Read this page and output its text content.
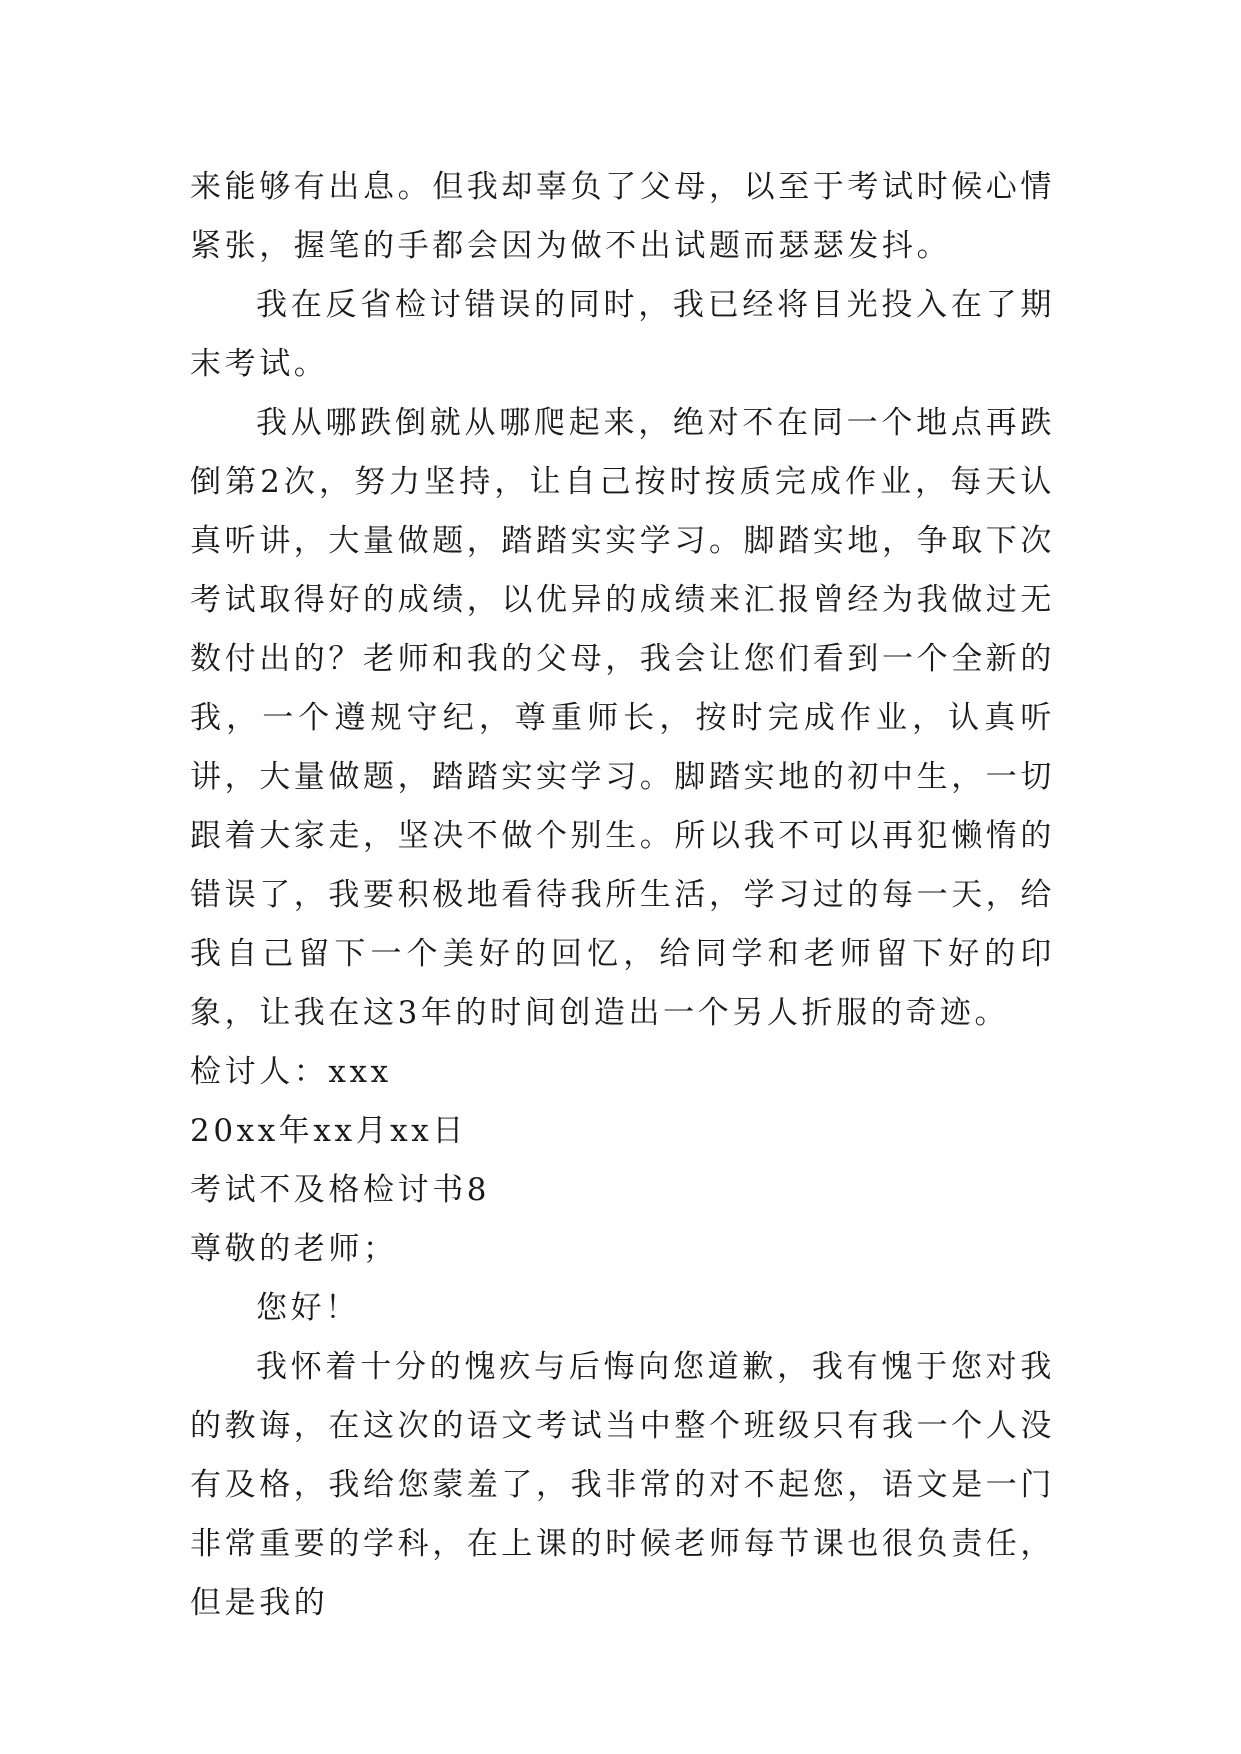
来能够有出息。但我却辜负了父母，以至于考试时候心情紧张，握笔的手都会因为做不出试题而瑟瑟发抖。

我在反省检讨错误的同时，我已经将目光投入在了期末考试。

我从哪跌倒就从哪爬起来，绝对不在同一个地点再跌倒第2次，努力坚持，让自己按时按质完成作业，每天认真听讲，大量做题，踏踏实实学习。脚踏实地，争取下次考试取得好的成绩，以优异的成绩来汇报曾经为我做过无数付出的？老师和我的父母，我会让您们看到一个全新的我，一个遵规守纪，尊重师长，按时完成作业，认真听讲，大量做题，踏踏实实学习。脚踏实地的初中生，一切跟着大家走，坚决不做个别生。所以我不可以再犯懒惰的错误了，我要积极地看待我所生活，学习过的每一天，给我自己留下一个美好的回忆，给同学和老师留下好的印象，让我在这3年的时间创造出一个另人折服的奇迹。

检讨人：xxx

20xx年xx月xx日

考试不及格检讨书8

尊敬的老师；

您好！

我怀着十分的愧疚与后悔向您道歉，我有愧于您对我的教诲，在这次的语文考试当中整个班级只有我一个人没有及格，我给您蒙羞了，我非常的对不起您，语文是一门非常重要的学科，在上课的时候老师每节课也很负责任，但是我的
